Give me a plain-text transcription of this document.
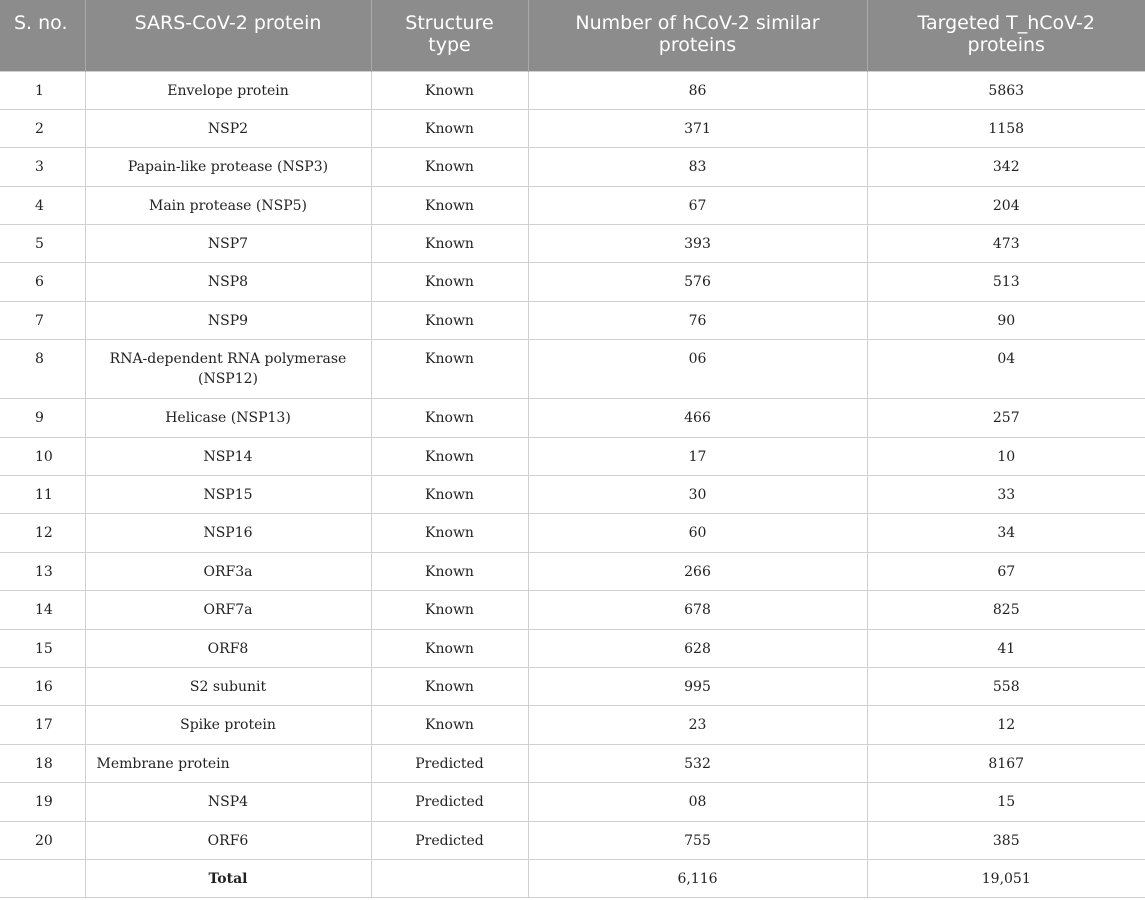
S. no.	SARS-CoV-2 protein	Structure type	Number of hCoV-2 similar proteins	Targeted T_hCoV-2 proteins
1	Envelope protein	Known	86	5863
2	NSP2	Known	371	1158
3	Papain-like protease (NSP3)	Known	83	342
4	Main protease (NSP5)	Known	67	204
5	NSP7	Known	393	473
6	NSP8	Known	576	513
7	NSP9	Known	76	90
8	RNA-dependent RNA polymerase (NSP12)	Known	06	04
9	Helicase (NSP13)	Known	466	257
10	NSP14	Known	17	10
11	NSP15	Known	30	33
12	NSP16	Known	60	34
13	ORF3a	Known	266	67
14	ORF7a	Known	678	825
15	ORF8	Known	628	41
16	S2 subunit	Known	995	558
17	Spike protein	Known	23	12
18	Membrane protein	Predicted	532	8167
19	NSP4	Predicted	08	15
20	ORF6	Predicted	755	385
	Total		6,116	19,051
